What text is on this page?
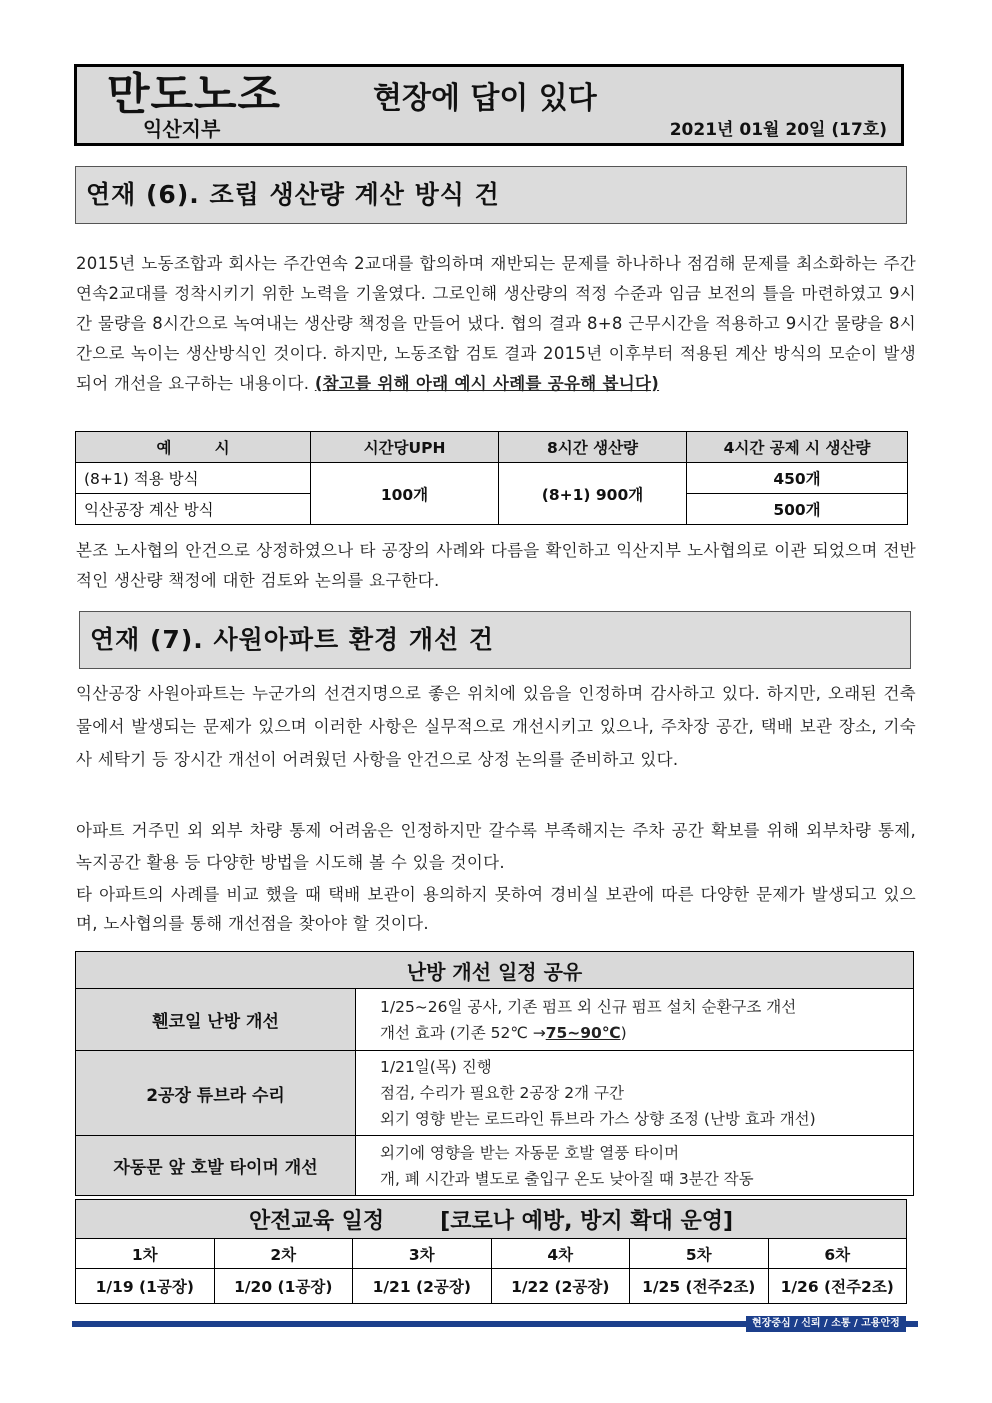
만도노조
익산지부
현장에 답이 있다
2021년 01월 20일 (17호)
연재 (6). 조립 생산량 계산 방식 건
2015년 노동조합과 회사는 주간연속 2교대를 합의하며 재반되는 문제를 하나하나 점검해 문제를 최소화하는 주간 연속2교대를 정착시키기 위한 노력을 기울였다. 그로인해 생산량의 적정 수준과 임금 보전의 틀을 마련하였고 9시간 물량을 8시간으로 녹여내는 생산량 책정을 만들어 냈다. 협의 결과 8+8 근무시간을 적용하고 9시간 물량을 8시간으로 녹이는 생산방식인 것이다. 하지만, 노동조합 검토 결과 2015년 이후부터 적용된 계산 방식의 모순이 발생되어 개선을 요구하는 내용이다. (참고를 위해 아래 예시 사례를 공유해 봅니다)
예        시	시간당UPH	8시간 생산량	4시간 공제 시 생산량
(8+1) 적용 방식	100개	(8+1) 900개	450개
익산공장 계산 방식			500개
본조 노사협의 안건으로 상정하였으나 타 공장의 사례와 다름을 확인하고 익산지부 노사협의로 이관 되었으며 전반적인 생산량 책정에 대한 검토와 논의를 요구한다.
연재 (7). 사원아파트 환경 개선 건
익산공장 사원아파트는 누군가의 선견지명으로 좋은 위치에 있음을 인정하며 감사하고 있다. 하지만, 오래된 건축물에서 발생되는 문제가 있으며 이러한 사항은 실무적으로 개선시키고 있으나, 주차장 공간, 택배 보관 장소, 기숙사 세탁기 등 장시간 개선이 어려웠던 사항을 안건으로 상정 논의를 준비하고 있다.
아파트 거주민 외 외부 차량 통제 어려움은 인정하지만 갈수록 부족해지는 주차 공간 확보를 위해 외부차량 통제, 녹지공간 활용 등 다양한 방법을 시도해 볼 수 있을 것이다.
타 아파트의 사례를 비교 했을 때 택배 보관이 용의하지 못하여 경비실 보관에 따른 다양한 문제가 발생되고 있으며, 노사협의를 통해 개선점을 찾아야 할 것이다.
난방 개선 일정 공유	
휀코일 난방 개선	1/25~26일 공사, 기존 펌프 외 신규 펌프 설치 순환구조 개선
개선 효과 (기존 52℃ →75~90℃)

2공장 튜브라 수리	1/21일(목) 진행
점검, 수리가 필요한 2공장 2개 구간
외기 영향 받는 로드라인 튜브라 가스 상향 조정 (난방 효과 개선)

자동문 앞 호발 타이머 개선	외기에 영향을 받는 자동문 호발 열풍 타이머
개, 폐 시간과 별도로 출입구 온도 낮아질 때 3분간 작동
안전교육 일정 [코로나 예방, 방지 확대 운영]					
1차	2차	3차	4차	5차	6차
1/19 (1공장)	1/20 (1공장)	1/21 (2공장)	1/22 (2공장)	1/25 (전주2조)	1/26 (전주2조)
현장중심 / 신뢰 / 소통 / 고용안정
